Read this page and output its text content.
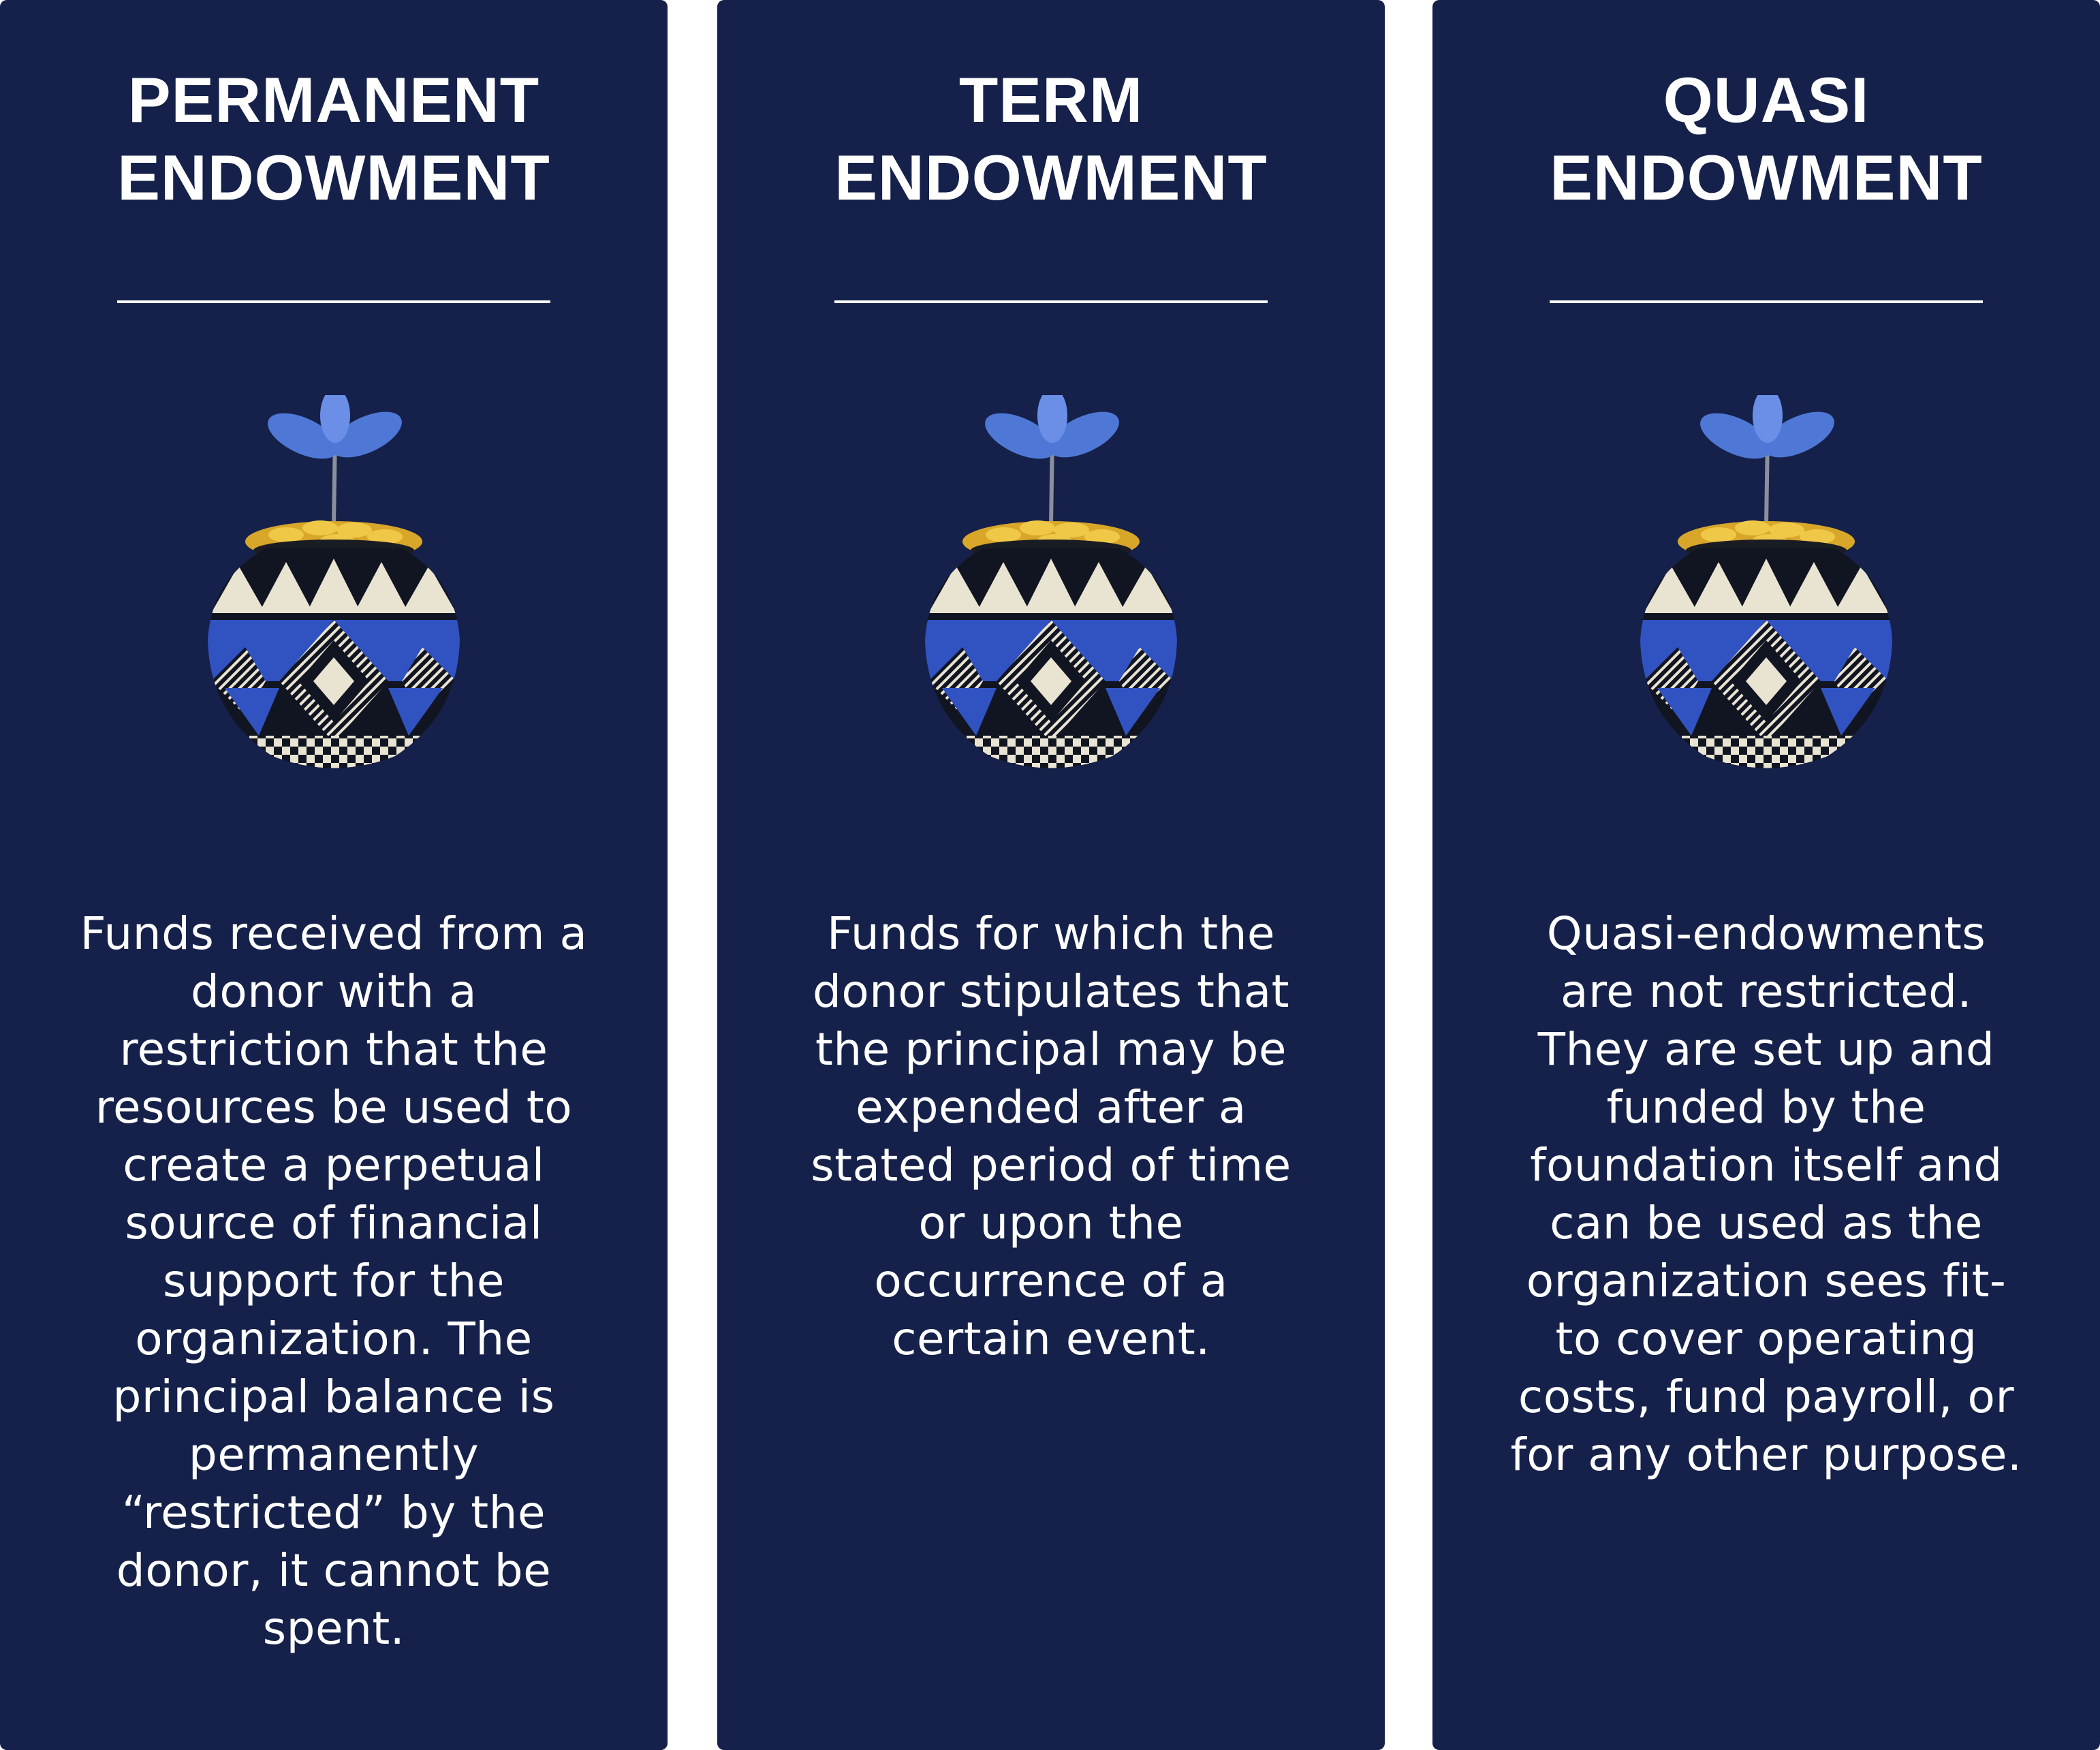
PERMANENT
ENDOWMENT

Funds received from a donor with a restriction that the resources be used to create a perpetual source of financial support for the organization. The principal balance is permanently “restricted” by the donor, it cannot be spent.

TERM
ENDOWMENT

Funds for which the donor stipulates that the principal may be expended after a stated period of time or upon the occurrence of a certain event.

QUASI
ENDOWMENT

Quasi-endowments are not restricted. They are set up and funded by the foundation itself and can be used as the organization sees fit-to cover operating costs, fund payroll, or for any other purpose.
